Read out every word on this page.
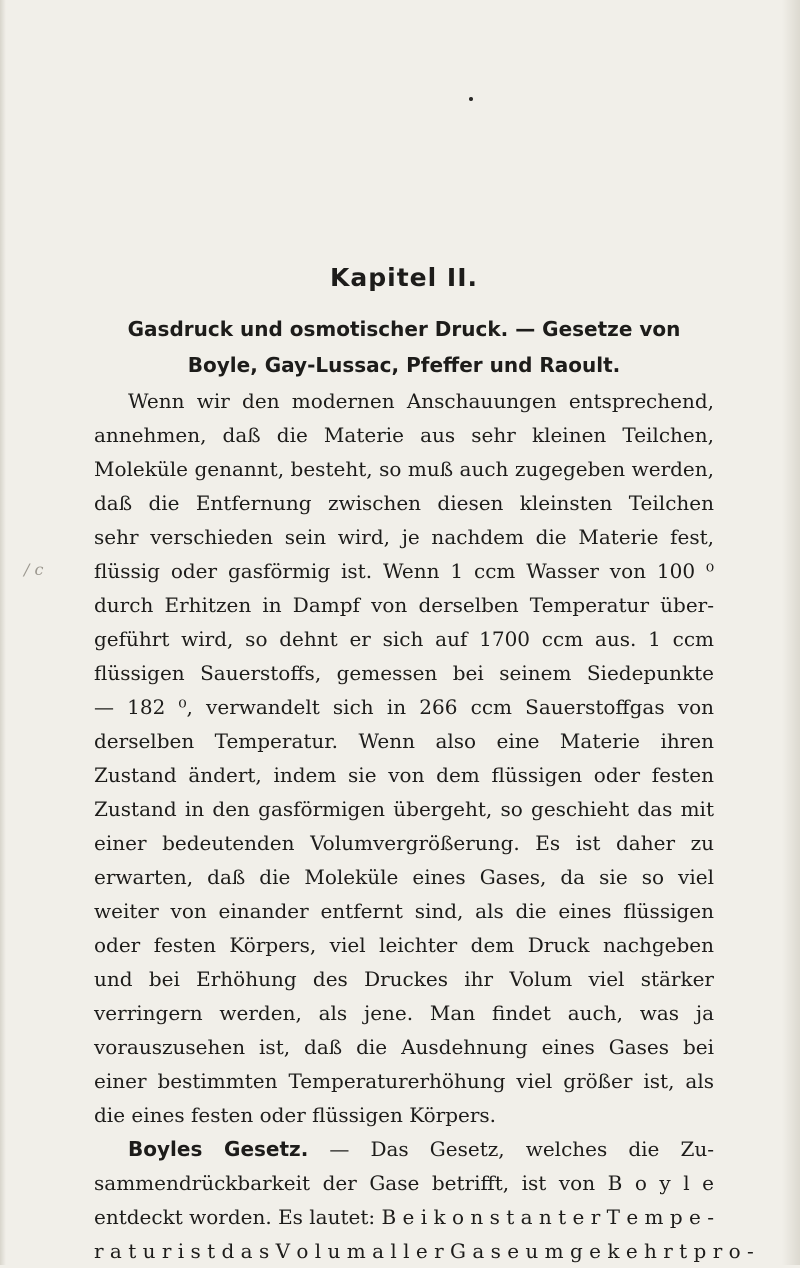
/ c
Kapitel II.
Gasdruck und osmotischer Druck. — Gesetze von
Boyle, Gay-Lussac, Pfeffer und Raoult.
Wenn wir den modernen Anschauungen entsprechend,
annehmen, daß die Materie aus sehr kleinen Teilchen,
Moleküle genannt, besteht, so muß auch zugegeben werden,
daß die Entfernung zwischen diesen kleinsten Teilchen
sehr verschieden sein wird, je nachdem die Materie fest,
flüssig oder gasförmig ist. Wenn 1 ccm Wasser von 100 ⁰
durch Erhitzen in Dampf von derselben Temperatur über-
geführt wird, so dehnt er sich auf 1700 ccm aus. 1 ccm
flüssigen Sauerstoffs, gemessen bei seinem Siedepunkte
— 182 ⁰, verwandelt sich in 266 ccm Sauerstoffgas von
derselben Temperatur. Wenn also eine Materie ihren
Zustand ändert, indem sie von dem flüssigen oder festen
Zustand in den gasförmigen übergeht, so geschieht das mit
einer bedeutenden Volumvergrößerung. Es ist daher zu
erwarten, daß die Moleküle eines Gases, da sie so viel
weiter von einander entfernt sind, als die eines flüssigen
oder festen Körpers, viel leichter dem Druck nachgeben
und bei Erhöhung des Druckes ihr Volum viel stärker
verringern werden, als jene. Man findet auch, was ja
vorauszusehen ist, daß die Ausdehnung eines Gases bei
einer bestimmten Temperaturerhöhung viel größer ist, als
die eines festen oder flüssigen Körpers.
Boyles Gesetz. — Das Gesetz, welches die Zu-
sammendrückbarkeit der Gase betrifft, ist von B o y l e
entdeckt worden. Es lautet: B e i k o n s t a n t e r T e m p e -
r a t u r i s t d a s V o l u m a l l e r G a s e u m g e k e h r t p r o -
